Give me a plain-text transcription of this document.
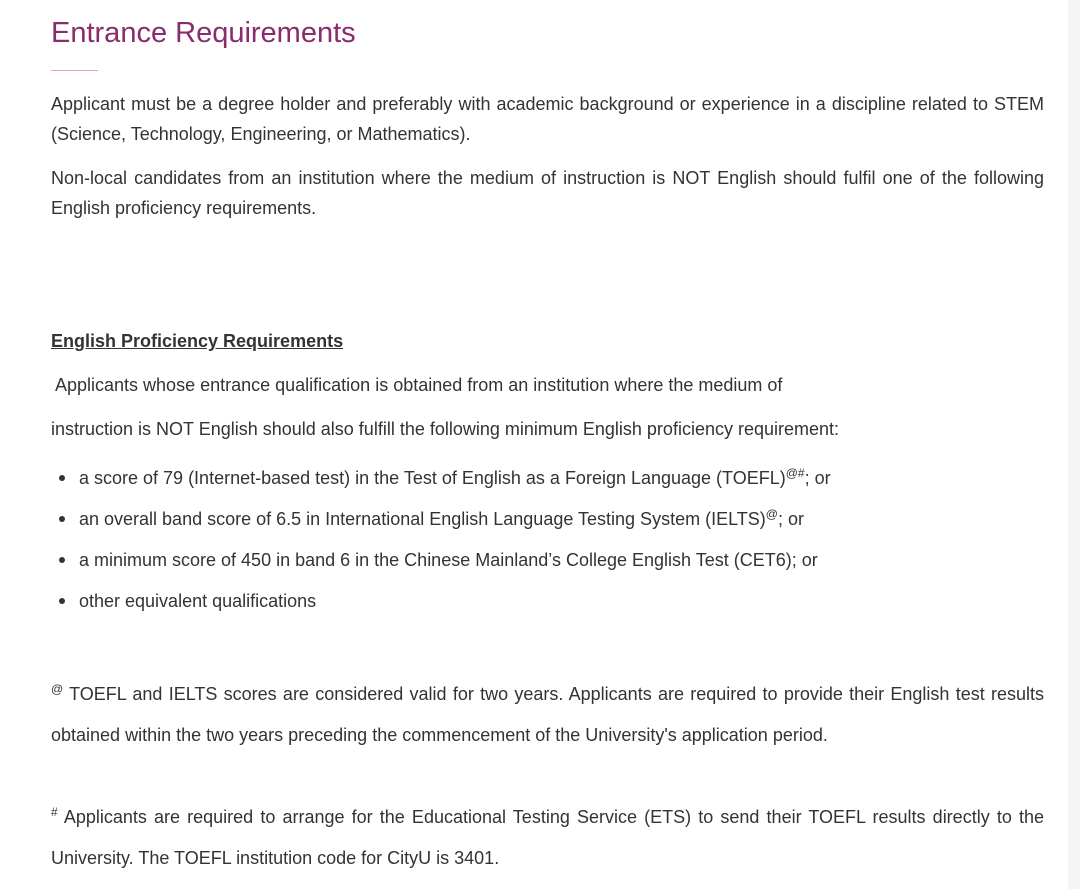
Entrance Requirements

Applicant must be a degree holder and preferably with academic background or experience in a discipline related to STEM (Science, Technology, Engineering, or Mathematics).

Non-local candidates from an institution where the medium of instruction is NOT English should fulfil one of the following English proficiency requirements.

English Proficiency Requirements

Applicants whose entrance qualification is obtained from an institution where the medium of

instruction is NOT English should also fulfill the following minimum English proficiency requirement:

a score of 79 (Internet-based test) in the Test of English as a Foreign Language (TOEFL)@#; or
an overall band score of 6.5 in International English Language Testing System (IELTS)@; or
a minimum score of 450 in band 6 in the Chinese Mainland’s College English Test (CET6); or
other equivalent qualifications

@ TOEFL and IELTS scores are considered valid for two years. Applicants are required to provide their English test results obtained within the two years preceding the commencement of the University's application period.

# Applicants are required to arrange for the Educational Testing Service (ETS) to send their TOEFL results directly to the University. The TOEFL institution code for CityU is 3401.
